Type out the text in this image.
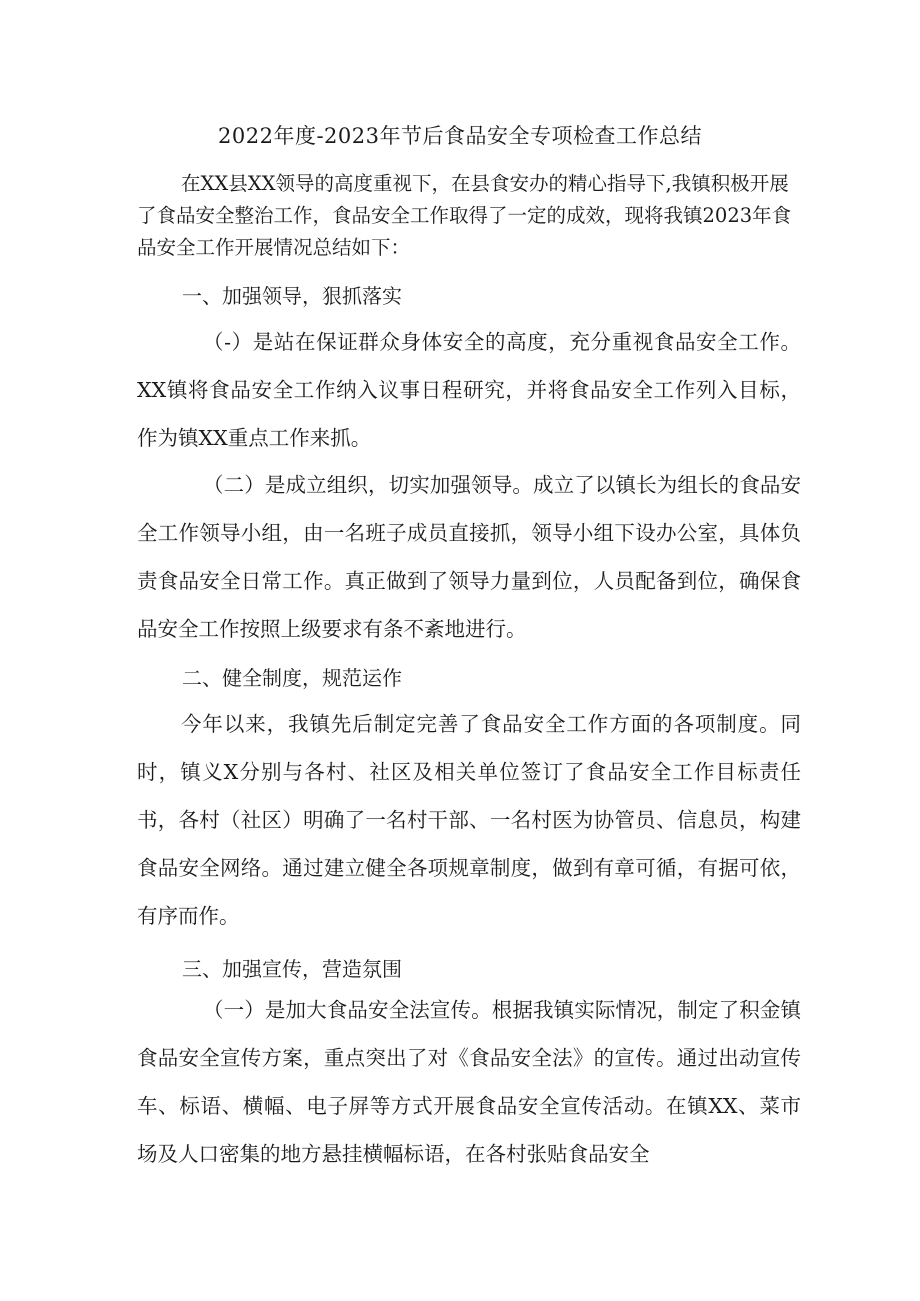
2022年度-2023年节后食品安全专项检查工作总结

在XX县XX领导的高度重视下，在县食安办的精心指导下,我镇积极开展了食品安全整治工作，食品安全工作取得了一定的成效，现将我镇2023年食品安全工作开展情况总结如下：

一、加强领导，狠抓落实

（-）是站在保证群众身体安全的高度，充分重视食品安全工作。XX镇将食品安全工作纳入议事日程研究，并将食品安全工作列入目标，作为镇XX重点工作来抓。

（二）是成立组织，切实加强领导。成立了以镇长为组长的食品安全工作领导小组，由一名班子成员直接抓，领导小组下设办公室，具体负责食品安全日常工作。真正做到了领导力量到位，人员配备到位，确保食品安全工作按照上级要求有条不紊地进行。

二、健全制度，规范运作

今年以来，我镇先后制定完善了食品安全工作方面的各项制度。同时，镇义X分别与各村、社区及相关单位签订了食品安全工作目标责任书，各村（社区）明确了一名村干部、一名村医为协管员、信息员，构建食品安全网络。通过建立健全各项规章制度，做到有章可循，有据可依，有序而作。

三、加强宣传，营造氛围

（一）是加大食品安全法宣传。根据我镇实际情况，制定了积金镇食品安全宣传方案，重点突出了对《食品安全法》的宣传。通过出动宣传车、标语、横幅、电子屏等方式开展食品安全宣传活动。在镇XX、菜市场及人口密集的地方悬挂横幅标语，在各村张贴食品安全
